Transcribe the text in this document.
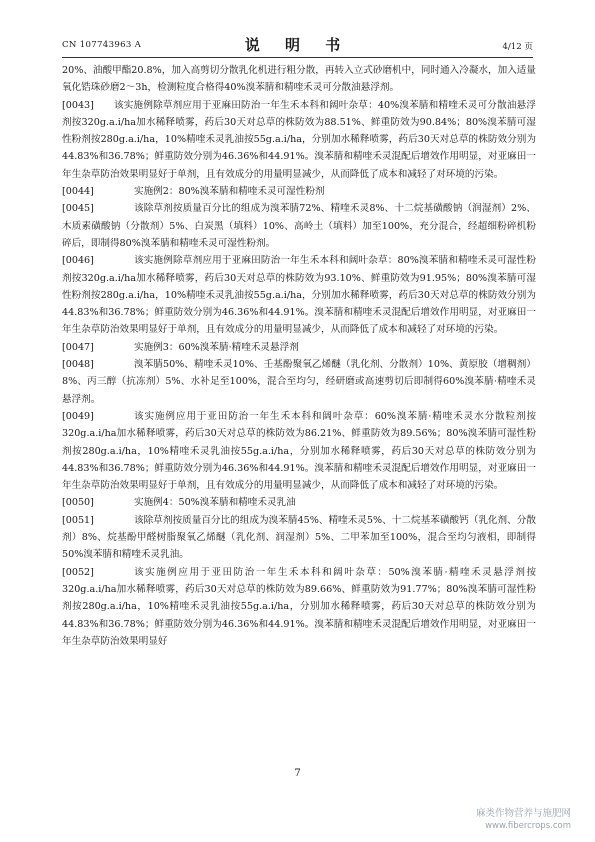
CN 107743963 A	说 明 书	4/12 页

20%、油酸甲酯20.8%，加入高剪切分散乳化机进行粗分散，再转入立式砂磨机中，同时通入冷凝水，加入适量氧化锆珠砂磨2～3h，检测粒度合格得40%溴苯腈和精喹禾灵可分散油悬浮剂。

[0043]	该实施例除草剂应用于亚麻田防治一年生禾本科和阔叶杂草：40%溴苯腈和精喹禾灵可分散油悬浮剂按320g.a.i/ha加水稀释喷雾，药后30天对总草的株防效为88.51%、鲜重防效为90.84%；80%溴苯腈可湿性粉剂按280g.a.i/ha，10%精喹禾灵乳油按55g.a.i/ha，分别加水稀释喷雾，药后30天对总草的株防效分别为44.83%和36.78%；鲜重防效分别为46.36%和44.91%。溴苯腈和精喹禾灵混配后增效作用明显，对亚麻田一年生杂草防治效果明显好于单剂，且有效成分的用量明显减少，从而降低了成本和减轻了对环境的污染。

[0044]	实施例2：80%溴苯腈和精喹禾灵可湿性粉剂

[0045]	该除草剂按质量百分比的组成为溴苯腈72%、精喹禾灵8%、十二烷基磺酸钠（润湿剂）2%、木质素磺酸钠（分散剂）5%、白炭黑（填料）10%、高岭土（填料）加至100%，充分混合，经超细粉碎机粉碎后，即制得80%溴苯腈和精喹禾灵可湿性粉剂。

[0046]	该实施例除草剂应用于亚麻田防治一年生禾本科和阔叶杂草：80%溴苯腈和精喹禾灵可湿性粉剂按320g.a.i/ha加水稀释喷雾，药后30天对总草的株防效为93.10%、鲜重防效为91.95%；80%溴苯腈可湿性粉剂按280g.a.i/ha，10%精喹禾灵乳油按55g.a.i/ha，分别加水稀释喷雾，药后30天对总草的株防效分别为44.83%和36.78%；鲜重防效分别为46.36%和44.91%。溴苯腈和精喹禾灵混配后增效作用明显，对亚麻田一年生杂草防治效果明显好于单剂，且有效成分的用量明显减少，从而降低了成本和减轻了对环境的污染。

[0047]	实施例3：60%溴苯腈·精喹禾灵悬浮剂

[0048]	溴苯腈50%、精喹禾灵10%、壬基酚聚氧乙烯醚（乳化剂、分散剂）10%、黄原胶（增稠剂）8%、丙三醇（抗冻剂）5%、水补足至100%，混合至均匀，经研磨或高速剪切后即制得60%溴苯腈·精喹禾灵悬浮剂。

[0049]	该实施例应用于亚田防治一年生禾本科和阔叶杂草：60%溴苯腈·精喹禾灵水分散粒剂按320g.a.i/ha加水稀释喷雾，药后30天对总草的株防效为86.21%、鲜重防效为89.56%；80%溴苯腈可湿性粉剂按280g.a.i/ha，10%精喹禾灵乳油按55g.a.i/ha，分别加水稀释喷雾，药后30天对总草的株防效分别为44.83%和36.78%；鲜重防效分别为46.36%和44.91%。溴苯腈和精喹禾灵混配后增效作用明显，对亚麻田一年生杂草防治效果明显好于单剂，且有效成分的用量明显减少，从而降低了成本和减轻了对环境的污染。

[0050]	实施例4：50%溴苯腈和精喹禾灵乳油

[0051]	该除草剂按质量百分比的组成为溴苯腈45%、精喹禾灵5%、十二烷基苯磺酸钙（乳化剂、分散剂）8%、烷基酚甲醛树脂聚氧乙烯醚（乳化剂、润湿剂）5%、二甲苯加至100%，混合至均匀液相，即制得50%溴苯腈和精喹禾灵乳油。

[0052]	该实施例应用于亚田防治一年生禾本科和阔叶杂草：50%溴苯腈·精喹禾灵悬浮剂按320g.a.i/ha加水稀释喷雾，药后30天对总草的株防效为89.66%、鲜重防效为91.77%；80%溴苯腈可湿性粉剂按280g.a.i/ha，10%精喹禾灵乳油按55g.a.i/ha，分别加水稀释喷雾，药后30天对总草的株防效分别为44.83%和36.78%；鲜重防效分别为46.36%和44.91%。溴苯腈和精喹禾灵混配后增效作用明显，对亚麻田一年生杂草防治效果明显好

7
麻类作物营养与施肥网
www.fibercrops.com
